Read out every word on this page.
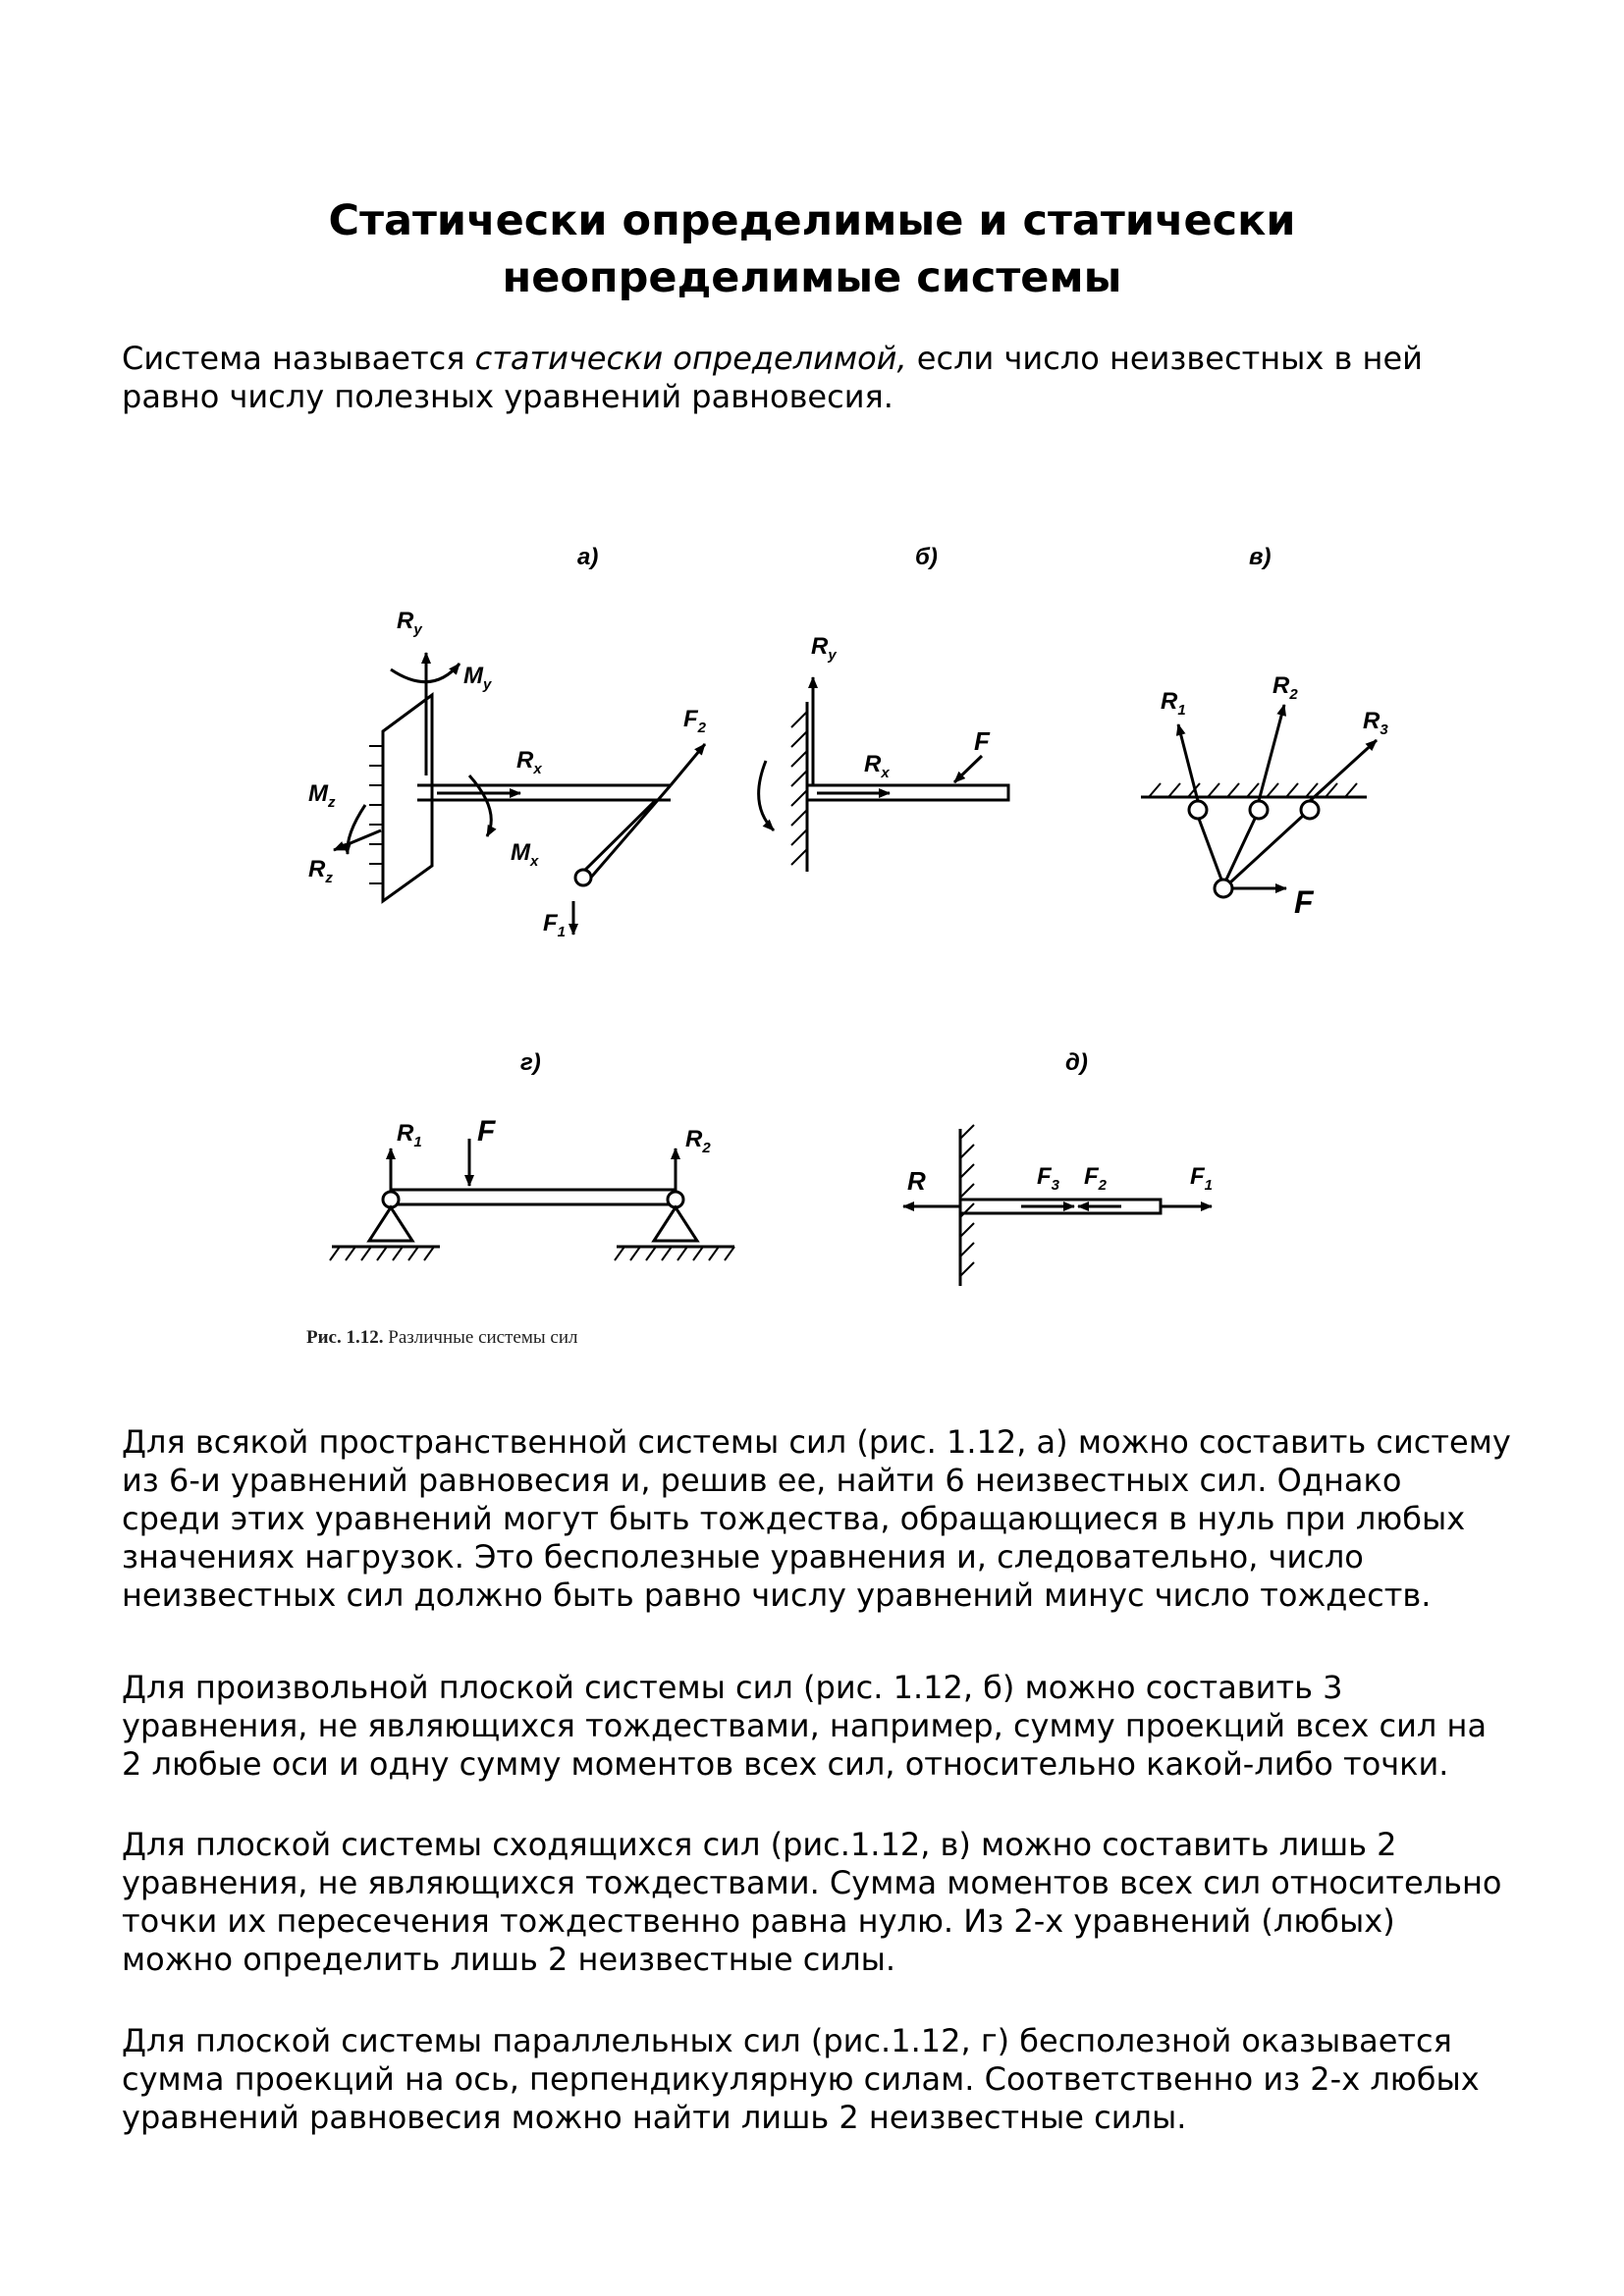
Статически определимые и статически
неопределимые системы

Система называется статически определимой, если число неизвестных в ней
равно числу полезных уравнений равновесия.

а)	б)	в)
г)	д)
$R_y$
$M_y$
$R_x$
$M_z$
$R_z$
$M_x$
$F_2$
$F_1$
$R_y$
$R_x$
F
$R_1$
$R_2$
$R_3$
F
$R_1$ F	$R_2$
R	$F_3$ $F_2$	$F_1$

Рис. 1.12. Различные системы сил

Для всякой пространственной системы сил (рис. 1.12, а) можно составить систему
из 6-и уравнений равновесия и, решив ее, найти 6 неизвестных сил. Однако
среди этих уравнений могут быть тождества, обращающиеся в нуль при любых
значениях нагрузок. Это бесполезные уравнения и, следовательно, число
неизвестных сил должно быть равно числу уравнений минус число тождеств.

Для произвольной плоской системы сил (рис. 1.12, б) можно составить 3
уравнения, не являющихся тождествами, например, сумму проекций всех сил на
2 любые оси и одну сумму моментов всех сил, относительно какой-либо точки.

Для плоской системы сходящихся сил (рис.1.12, в) можно составить лишь 2
уравнения, не являющихся тождествами. Сумма моментов всех сил относительно
точки их пересечения тождественно равна нулю. Из 2-х уравнений (любых)
можно определить лишь 2 неизвестные силы.

Для плоской системы параллельных сил (рис.1.12, г) бесполезной оказывается
сумма проекций на ось, перпендикулярную силам. Соответственно из 2-х любых
уравнений равновесия можно найти лишь 2 неизвестные силы.
